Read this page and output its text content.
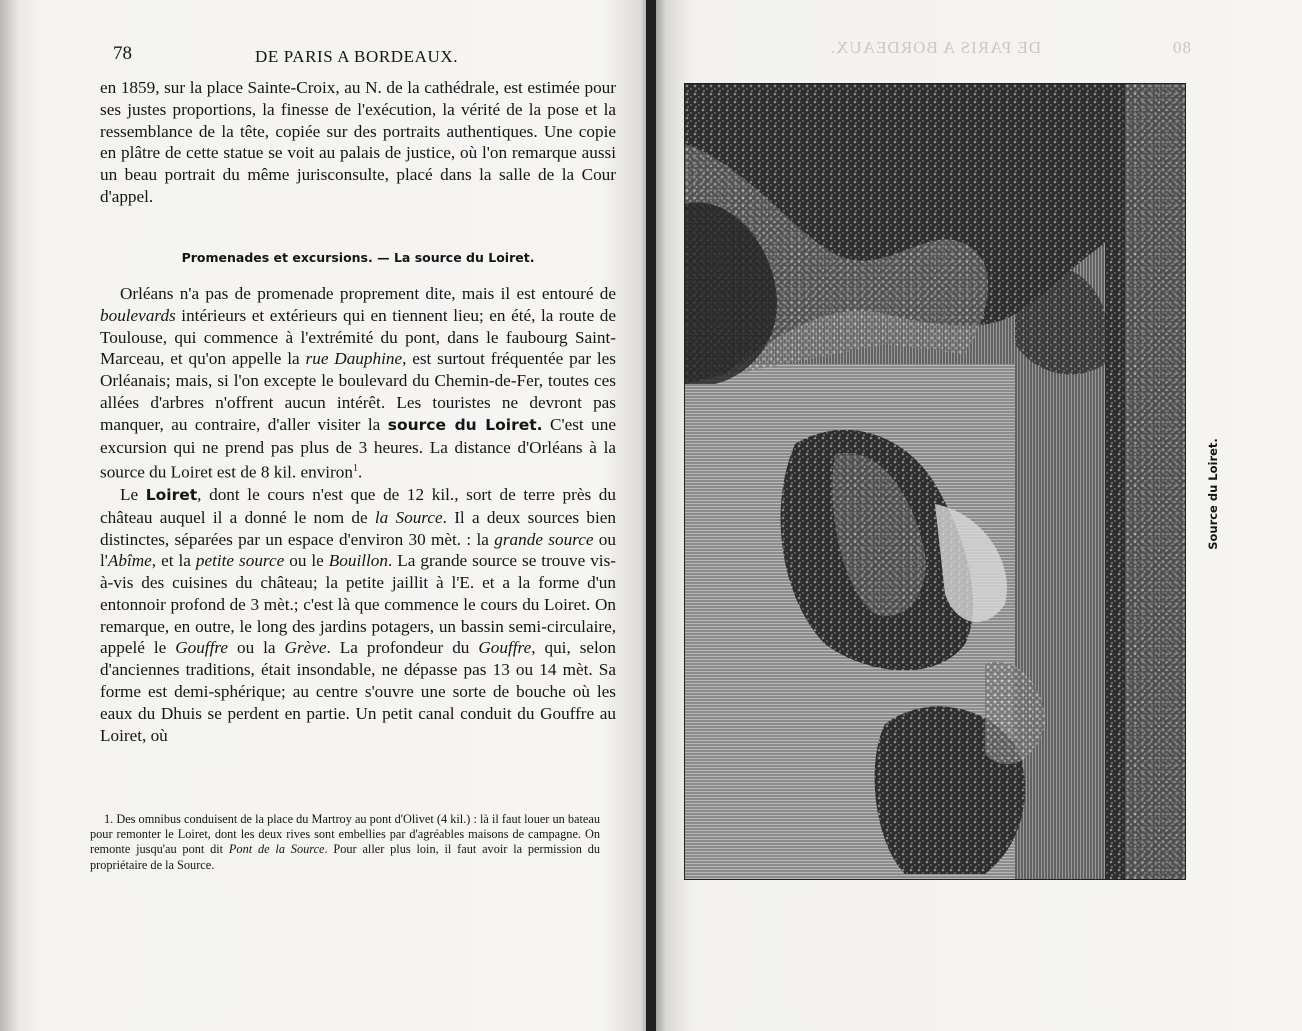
DE PARIS A BORDEAUX.	80
78	DE PARIS A BORDEAUX.

en 1859, sur la place Sainte-Croix, au N. de la cathédrale, est estimée pour ses justes proportions, la finesse de l'exécution, la vérité de la pose et la ressemblance de la tête, copiée sur des portraits authentiques. Une copie en plâtre de cette statue se voit au palais de justice, où l'on remarque aussi un beau portrait du même jurisconsulte, placé dans la salle de la Cour d'appel.

Promenades et excursions. — La source du Loiret.

Orléans n'a pas de promenade proprement dite, mais il est entouré de boulevards intérieurs et extérieurs qui en tiennent lieu; en été, la route de Toulouse, qui commence à l'extrémité du pont, dans le faubourg Saint-Marceau, et qu'on appelle la rue Dauphine, est surtout fréquentée par les Orléanais; mais, si l'on excepte le boulevard du Chemin-de-Fer, toutes ces allées d'arbres n'offrent aucun intérêt. Les touristes ne devront pas manquer, au contraire, d'aller visiter la source du Loiret. C'est une excursion qui ne prend pas plus de 3 heures. La distance d'Orléans à la source du Loiret est de 8 kil. environ$^1$.

Le Loiret, dont le cours n'est que de 12 kil., sort de terre près du château auquel il a donné le nom de la Source. Il a deux sources bien distinctes, séparées par un espace d'environ 30 mèt. : la grande source ou l'Abîme, et la petite source ou le Bouillon. La grande source se trouve vis-à-vis des cuisines du château; la petite jaillit à l'E. et a la forme d'un entonnoir profond de 3 mèt.; c'est là que commence le cours du Loiret. On remarque, en outre, le long des jardins potagers, un bassin semi-circulaire, appelé le Gouffre ou la Grève. La profondeur du Gouffre, qui, selon d'anciennes traditions, était insondable, ne dépasse pas 13 ou 14 mèt. Sa forme est demi-sphérique; au centre s'ouvre une sorte de bouche où les eaux du Dhuis se perdent en partie. Un petit canal conduit du Gouffre au Loiret, où

1. Des omnibus conduisent de la place du Martroy au pont d'Olivet (4 kil.) : là il faut louer un bateau pour remonter le Loiret, dont les deux rives sont embellies par d'agréables maisons de campagne. On remonte jusqu'au pont dit Pont de la Source. Pour aller plus loin, il faut avoir la permission du propriétaire de la Source.

Source du Loiret.
